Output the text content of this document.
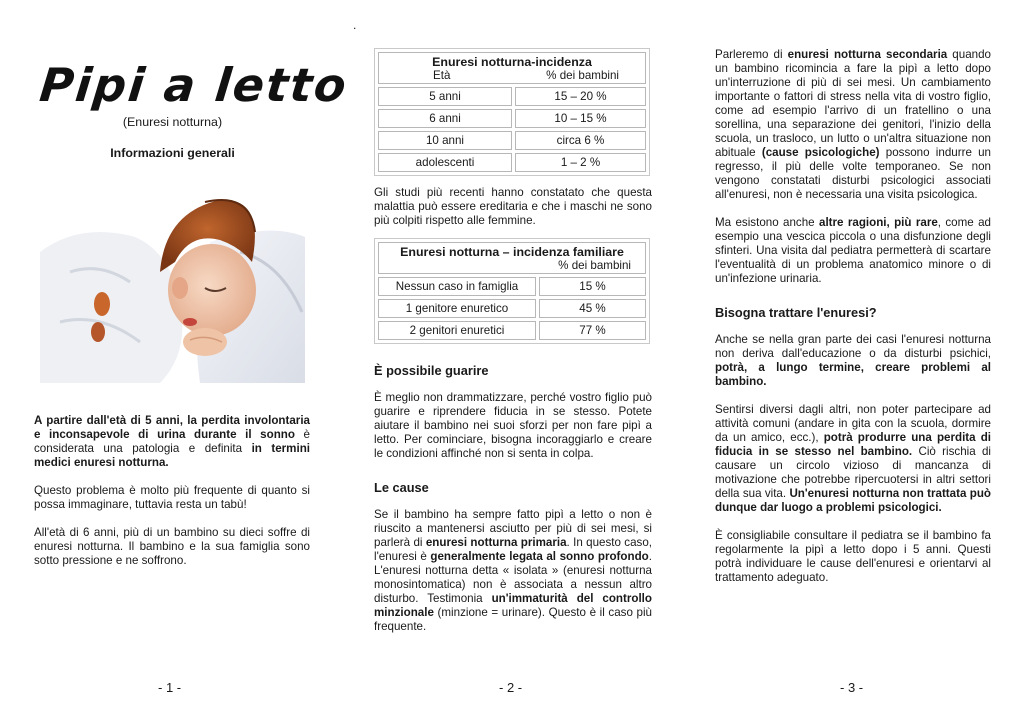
.
Pipi a letto

(Enuresi notturna)

Informazioni generali

A partire dall'età di 5 anni, la perdita involontaria e inconsapevole di urina durante il sonno è considerata una patologia e definita in termini medici enuresi notturna.

Questo problema è molto più frequente di quanto si possa immaginare, tuttavia resta un tabù!

All'età di 6 anni, più di un bambino su dieci soffre di enuresi notturna. Il bambino e la sua famiglia sono sotto pressione e ne soffrono.

- 1 -
Enuresi notturna-incidenza
Età % dei bambini	

5 anni	15 – 20 %
6 anni	10 – 15 %
10 anni	circa 6 %
adolescenti	1 – 2 %

Gli studi più recenti hanno constatato che questa malattia può essere ereditaria e che i maschi ne sono più colpiti rispetto alle femmine.

Enuresi notturna – incidenza familiare
% dei bambini	

Nessun caso in famiglia	15 %
1 genitore enuretico	45 %
2 genitori enuretici	77 %

È possibile guarire

È meglio non drammatizzare, perché vostro figlio può guarire e riprendere fiducia in se stesso. Potete aiutare il bambino nei suoi sforzi per non fare pipì a letto. Per cominciare, bisogna incoraggiarlo e creare le condizioni affinché non si senta in colpa.

Le cause

Se il bambino ha sempre fatto pipì a letto o non è riuscito a mantenersi asciutto per più di sei mesi, si parlerà di enuresi notturna primaria. In questo caso, l'enuresi è generalmente legata al sonno profondo. L'enuresi notturna detta « isolata » (enuresi notturna monosintomatica) non è associata a nessun altro disturbo. Testimonia un'immaturità del controllo minzionale (minzione = urinare). Questo è il caso più frequente.

- 2 -

Parleremo di enuresi notturna secondaria quando un bambino ricomincia a fare la pipì a letto dopo un'interruzione di più di sei mesi. Un cambiamento importante o fattori di stress nella vita di vostro figlio, come ad esempio l'arrivo di un fratellino o una sorellina, una separazione dei genitori, l'inizio della scuola, un trasloco, un lutto o un'altra situazione non abituale (cause psicologiche) possono indurre un regresso, il più delle volte temporaneo. Se non vengono constatati disturbi psicologici associati all'enuresi, non è necessaria una visita psicologica.

Ma esistono anche altre ragioni, più rare, come ad esempio una vescica piccola o una disfunzione degli sfinteri. Una visita dal pediatra permetterà di scartare l'eventualità di un problema anatomico minore o di un'infezione urinaria.

Bisogna trattare l'enuresi?

Anche se nella gran parte dei casi l'enuresi notturna non deriva dall'educazione o da disturbi psichici, potrà, a lungo termine, creare problemi al bambino.

Sentirsi diversi dagli altri, non poter partecipare ad attività comuni (andare in gita con la scuola, dormire da un amico, ecc.), potrà produrre una perdita di fiducia in se stesso nel bambino. Ciò rischia di causare un circolo vizioso di mancanza di motivazione che potrebbe ripercuotersi in altri settori della sua vita. Un'enuresi notturna non trattata può dunque dar luogo a problemi psicologici.

È consigliabile consultare il pediatra se il bambino fa regolarmente la pipì a letto dopo i 5 anni. Questi potrà individuare le cause dell'enuresi e orientarvi al trattamento adeguato.

- 3 -
